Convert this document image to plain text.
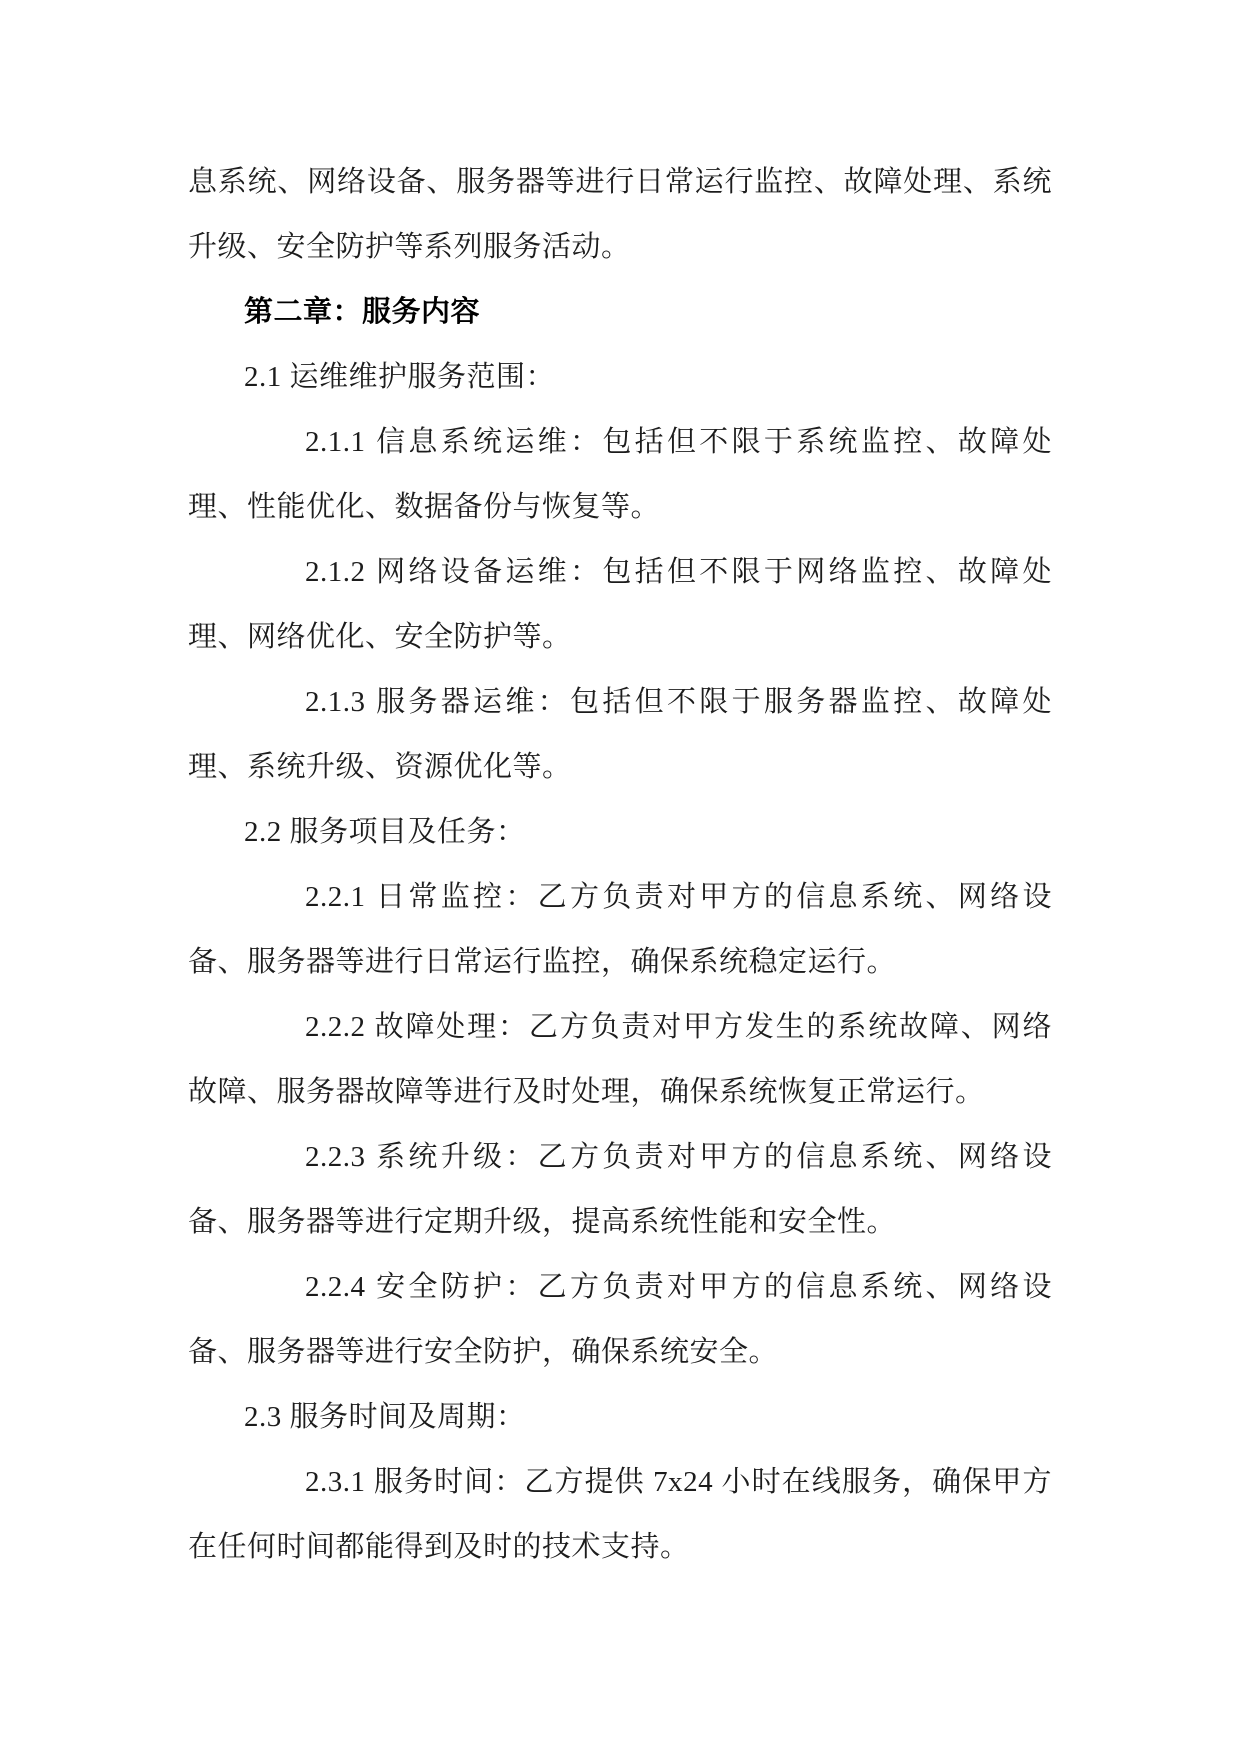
息系统、网络设备、服务器等进行日常运行监控、故障处理、系统
升级、安全防护等系列服务活动。
第二章：服务内容
2.1 运维维护服务范围：
2.1.1 信息系统运维：包括但不限于系统监控、故障处
理、性能优化、数据备份与恢复等。
2.1.2 网络设备运维：包括但不限于网络监控、故障处
理、网络优化、安全防护等。
2.1.3 服务器运维：包括但不限于服务器监控、故障处
理、系统升级、资源优化等。
2.2 服务项目及任务：
2.2.1 日常监控：乙方负责对甲方的信息系统、网络设
备、服务器等进行日常运行监控，确保系统稳定运行。
2.2.2 故障处理：乙方负责对甲方发生的系统故障、网络
故障、服务器故障等进行及时处理，确保系统恢复正常运行。
2.2.3 系统升级：乙方负责对甲方的信息系统、网络设
备、服务器等进行定期升级，提高系统性能和安全性。
2.2.4 安全防护：乙方负责对甲方的信息系统、网络设
备、服务器等进行安全防护，确保系统安全。
2.3 服务时间及周期：
2.3.1 服务时间：乙方提供 7x24 小时在线服务，确保甲方
在任何时间都能得到及时的技术支持。
